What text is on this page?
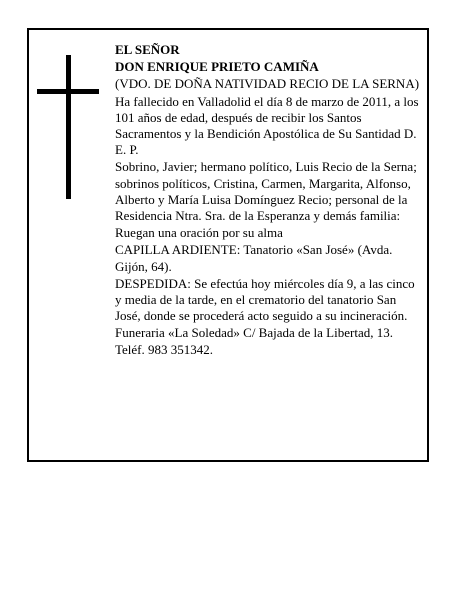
EL SEÑOR

DON ENRIQUE PRIETO CAMIÑA

(VDO. DE DOÑA NATIVIDAD RECIO DE LA SERNA)

Ha fallecido en Valladolid el día 8 de marzo de 2011, a los 101 años de edad, después de recibir los Santos Sacramentos y la Bendición Apostólica de Su Santidad D. E. P.

Sobrino, Javier; hermano político, Luis Recio de la Serna; sobrinos políticos, Cristina, Carmen, Margarita, Alfonso, Alberto y María Luisa Domínguez Recio; personal de la Residencia Ntra. Sra. de la Esperanza y demás familia:

Ruegan una oración por su alma

CAPILLA ARDIENTE: Tanatorio «San José» (Avda. Gijón, 64).

DESPEDIDA: Se efectúa hoy miércoles día 9, a las cinco y media de la tarde, en el crematorio del tanatorio San José, donde se procederá acto seguido a su incineración.

Funeraria «La Soledad» C/ Bajada de la Libertad, 13. Teléf. 983 351342.
